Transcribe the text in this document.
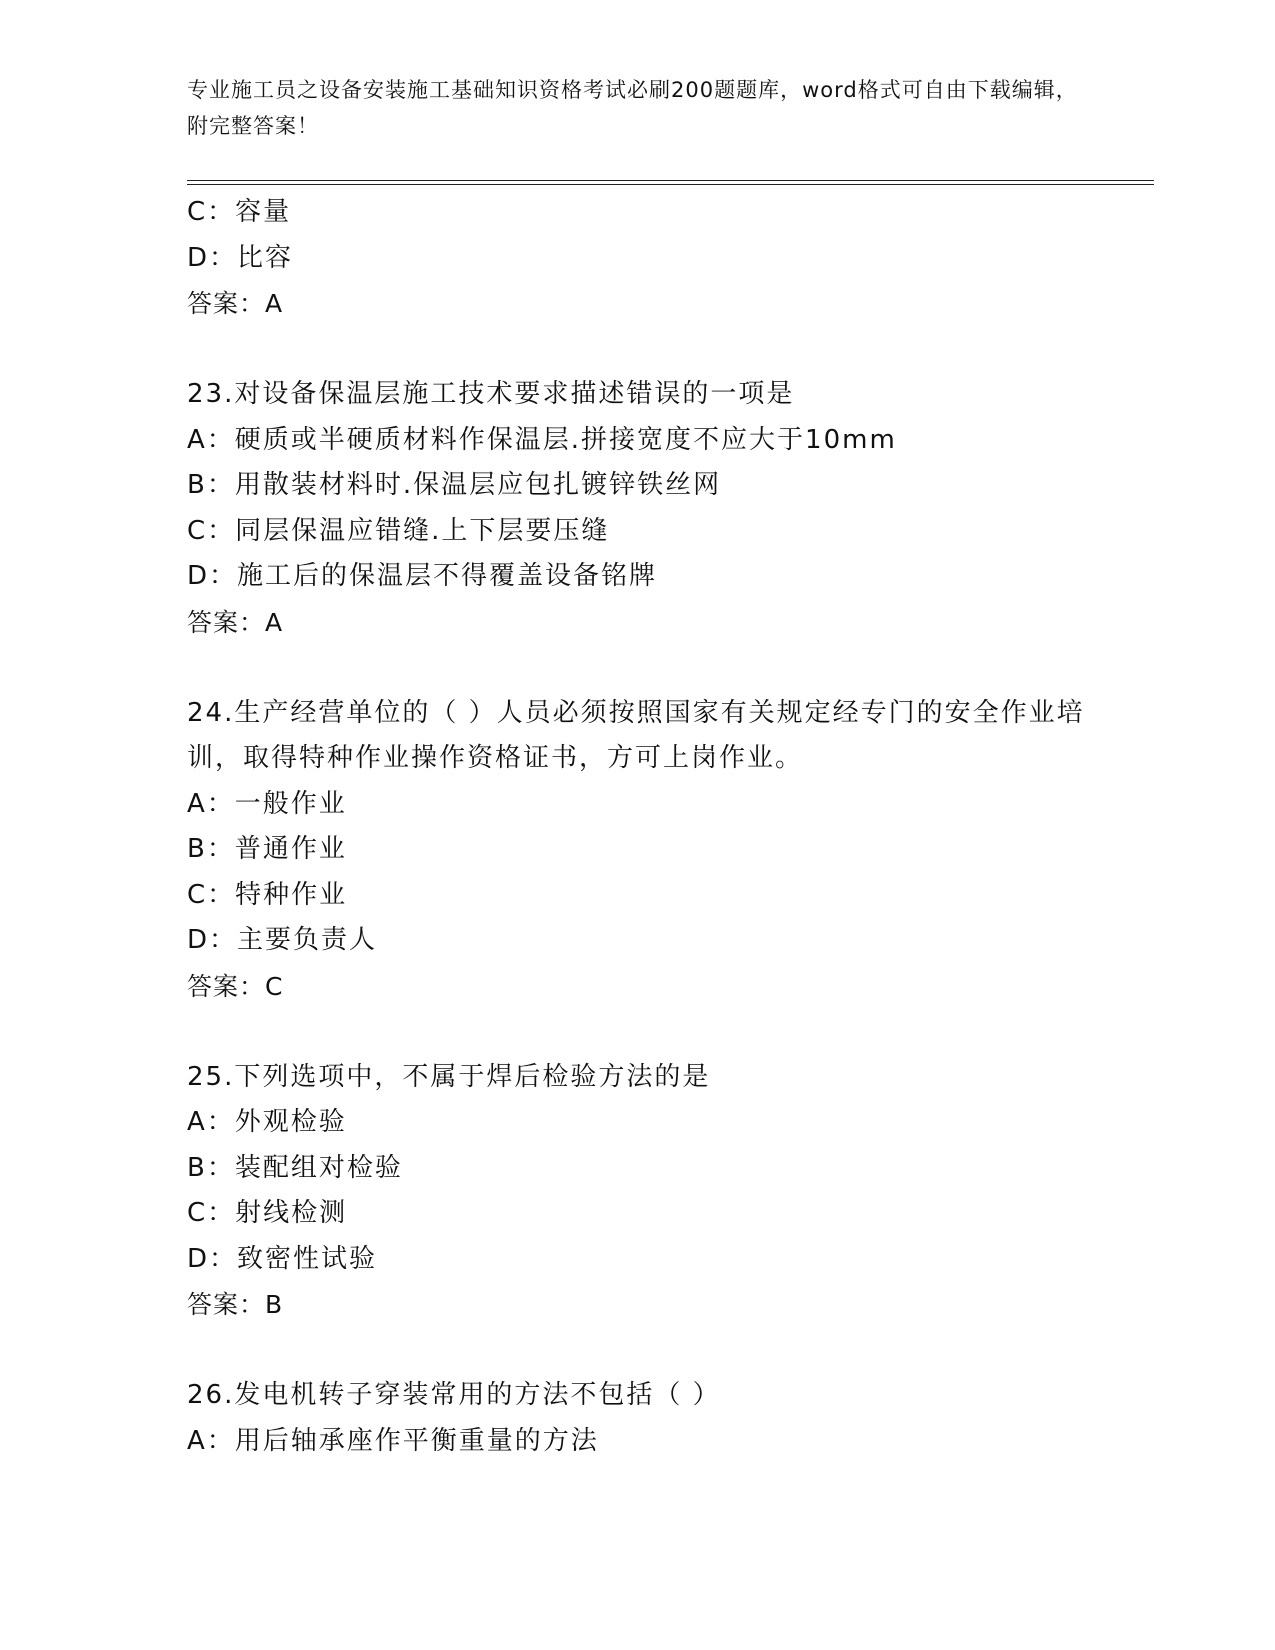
专业施工员之设备安装施工基础知识资格考试必刷200题题库，word格式可自由下载编辑，附完整答案！
C：容量
D：比容
答案：A
23.对设备保温层施工技术要求描述错误的一项是
A：硬质或半硬质材料作保温层.拼接宽度不应大于10mm
B：用散装材料时.保温层应包扎镀锌铁丝网
C：同层保温应错缝.上下层要压缝
D：施工后的保温层不得覆盖设备铭牌
答案：A
24.生产经营单位的（ ）人员必须按照国家有关规定经专门的安全作业培训，取得特种作业操作资格证书，方可上岗作业。
A：一般作业
B：普通作业
C：特种作业
D：主要负责人
答案：C
25.下列选项中，不属于焊后检验方法的是
A：外观检验
B：装配组对检验
C：射线检测
D：致密性试验
答案：B
26.发电机转子穿装常用的方法不包括（ ）
A：用后轴承座作平衡重量的方法
